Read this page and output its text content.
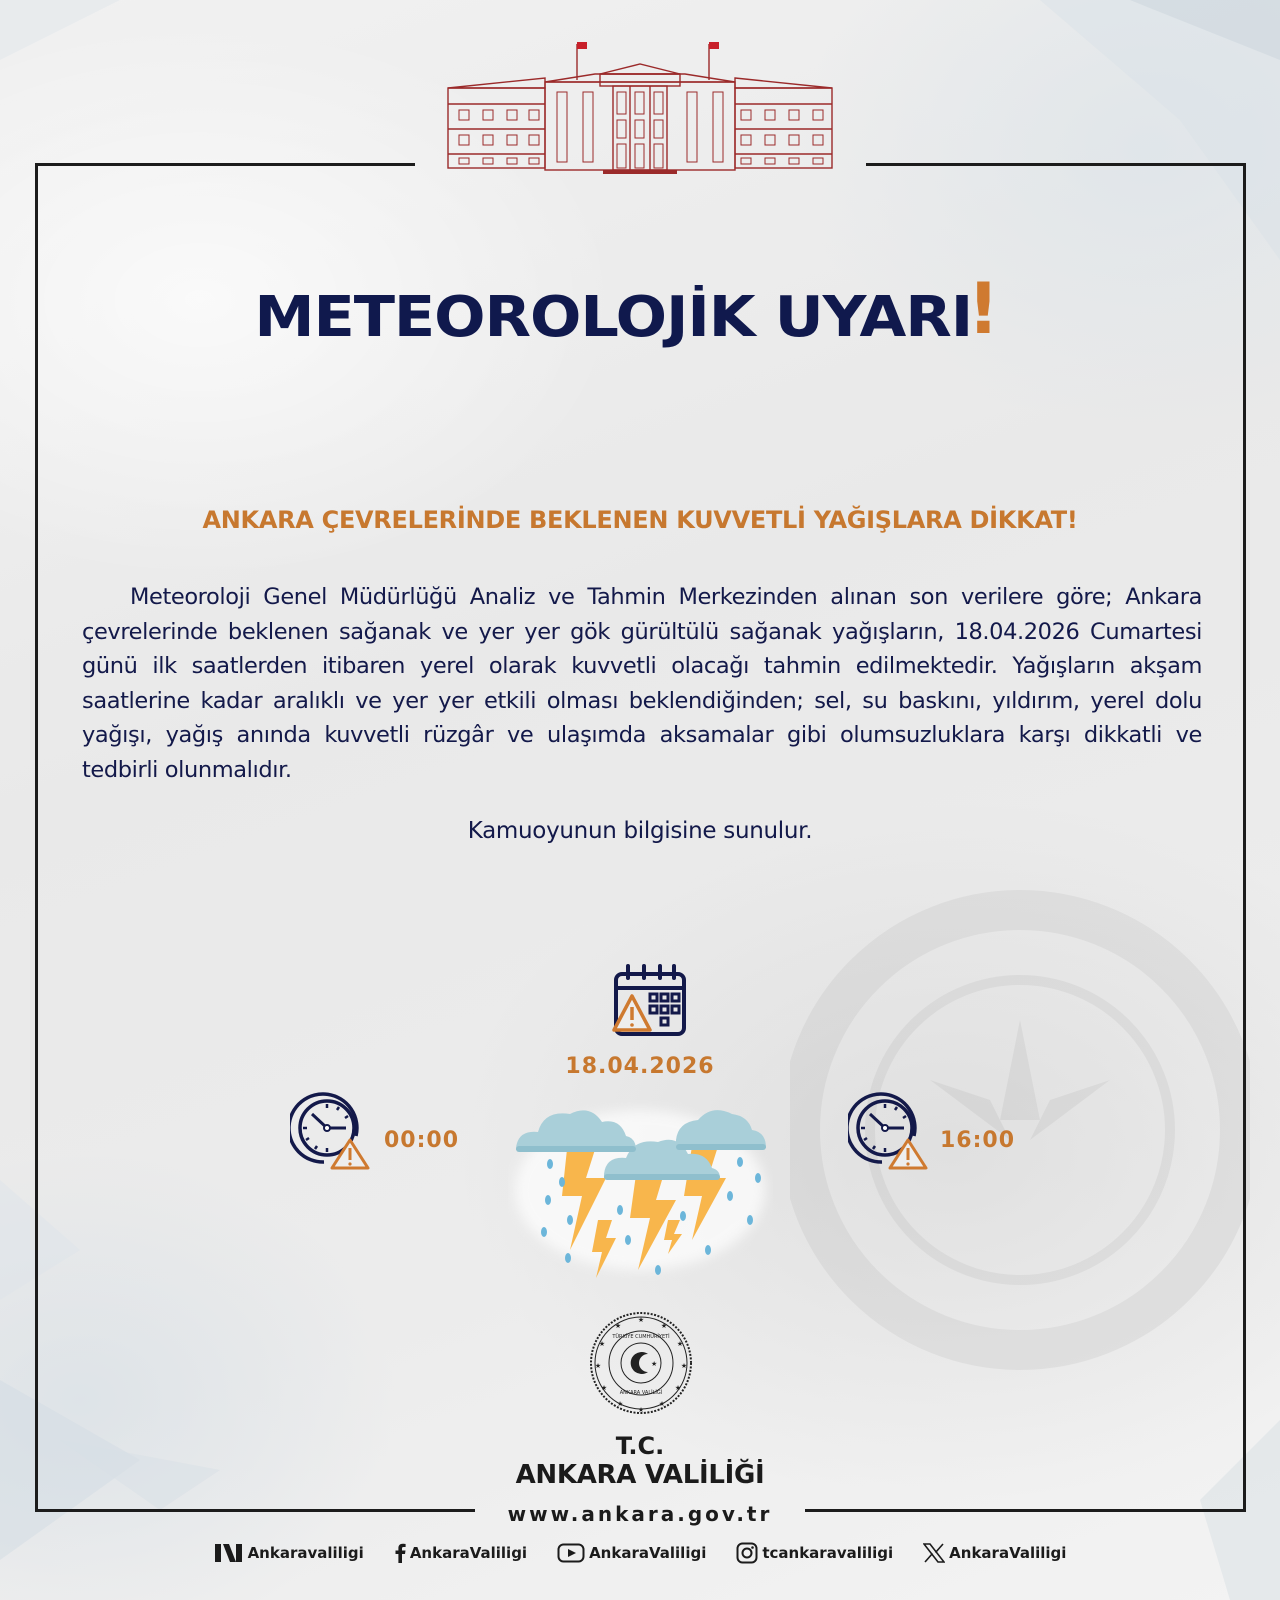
METEOROLOJİK UYARI
!
ANKARA ÇEVRELERİNDE BEKLENEN KUVVETLİ YAĞIŞLARA DİKKAT!

Meteoroloji Genel Müdürlüğü Analiz ve Tahmin Merkezinden alınan son verilere göre; Ankara çevrelerinde beklenen sağanak ve yer yer gök gürültülü sağanak yağışların, 18.04.2026 Cumartesi günü ilk saatlerden itibaren yerel olarak kuvvetli olacağı tahmin edilmektedir. Yağışların akşam saatlerine kadar aralıklı ve yer yer etkili olması beklendiğinden; sel, su baskını, yıldırım, yerel dolu yağışı, yağış anında kuvvetli rüzgâr ve ulaşımda aksamalar gibi olumsuzluklara karşı dikkatli ve tedbirli olunmalıdır.

Kamuoyunun bilgisine sunulur.

18.04.2026
00:00	16:00
TÜRKİYE CUMHURİYETİ
ANKARA VALİLİĞİ
★
★	★
★	★
★	★
★	★
★	★
★
★
T.C.
ANKARA VALİLİĞİ
www.ankara.gov.tr
Ankaravaliligi	AnkaraValiligi	AnkaraValiligi	tcankaravaliligi	AnkaraValiligi
